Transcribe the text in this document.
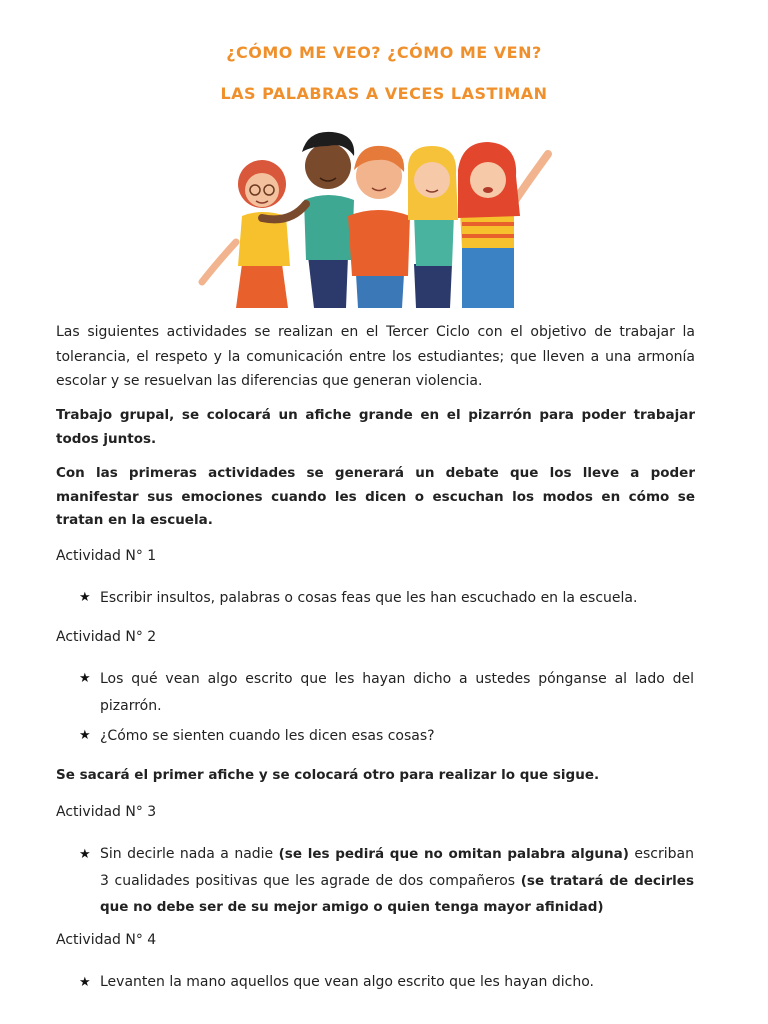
¿CÓMO ME VEO? ¿CÓMO ME VEN?
LAS PALABRAS A VECES LASTIMAN

Las siguientes actividades se realizan en el Tercer Ciclo con el objetivo de trabajar la tolerancia, el respeto y la comunicación entre los estudiantes; que lleven a una armonía escolar y se resuelvan las diferencias que generan violencia.

Trabajo grupal, se colocará un afiche grande en el pizarrón para poder trabajar todos juntos.

Con las primeras actividades se generará un debate que los lleve a poder manifestar sus emociones cuando les dicen o escuchan los modos en cómo se tratan en la escuela.

Actividad N° 1

★ Escribir insultos, palabras o cosas feas que les han escuchado en la escuela.

Actividad N° 2

★ Los qué vean algo escrito que les hayan dicho a ustedes pónganse al lado del pizarrón.

★ ¿Cómo se sienten cuando les dicen esas cosas?

Se sacará el primer afiche y se colocará otro para realizar lo que sigue.

Actividad N° 3

★ Sin decirle nada a nadie (se les pedirá que no omitan palabra alguna) escriban 3 cualidades positivas que les agrade de dos compañeros (se tratará de decirles que no debe ser de su mejor amigo o quien tenga mayor afinidad)

Actividad N° 4

★ Levanten la mano aquellos que vean algo escrito que les hayan dicho.
